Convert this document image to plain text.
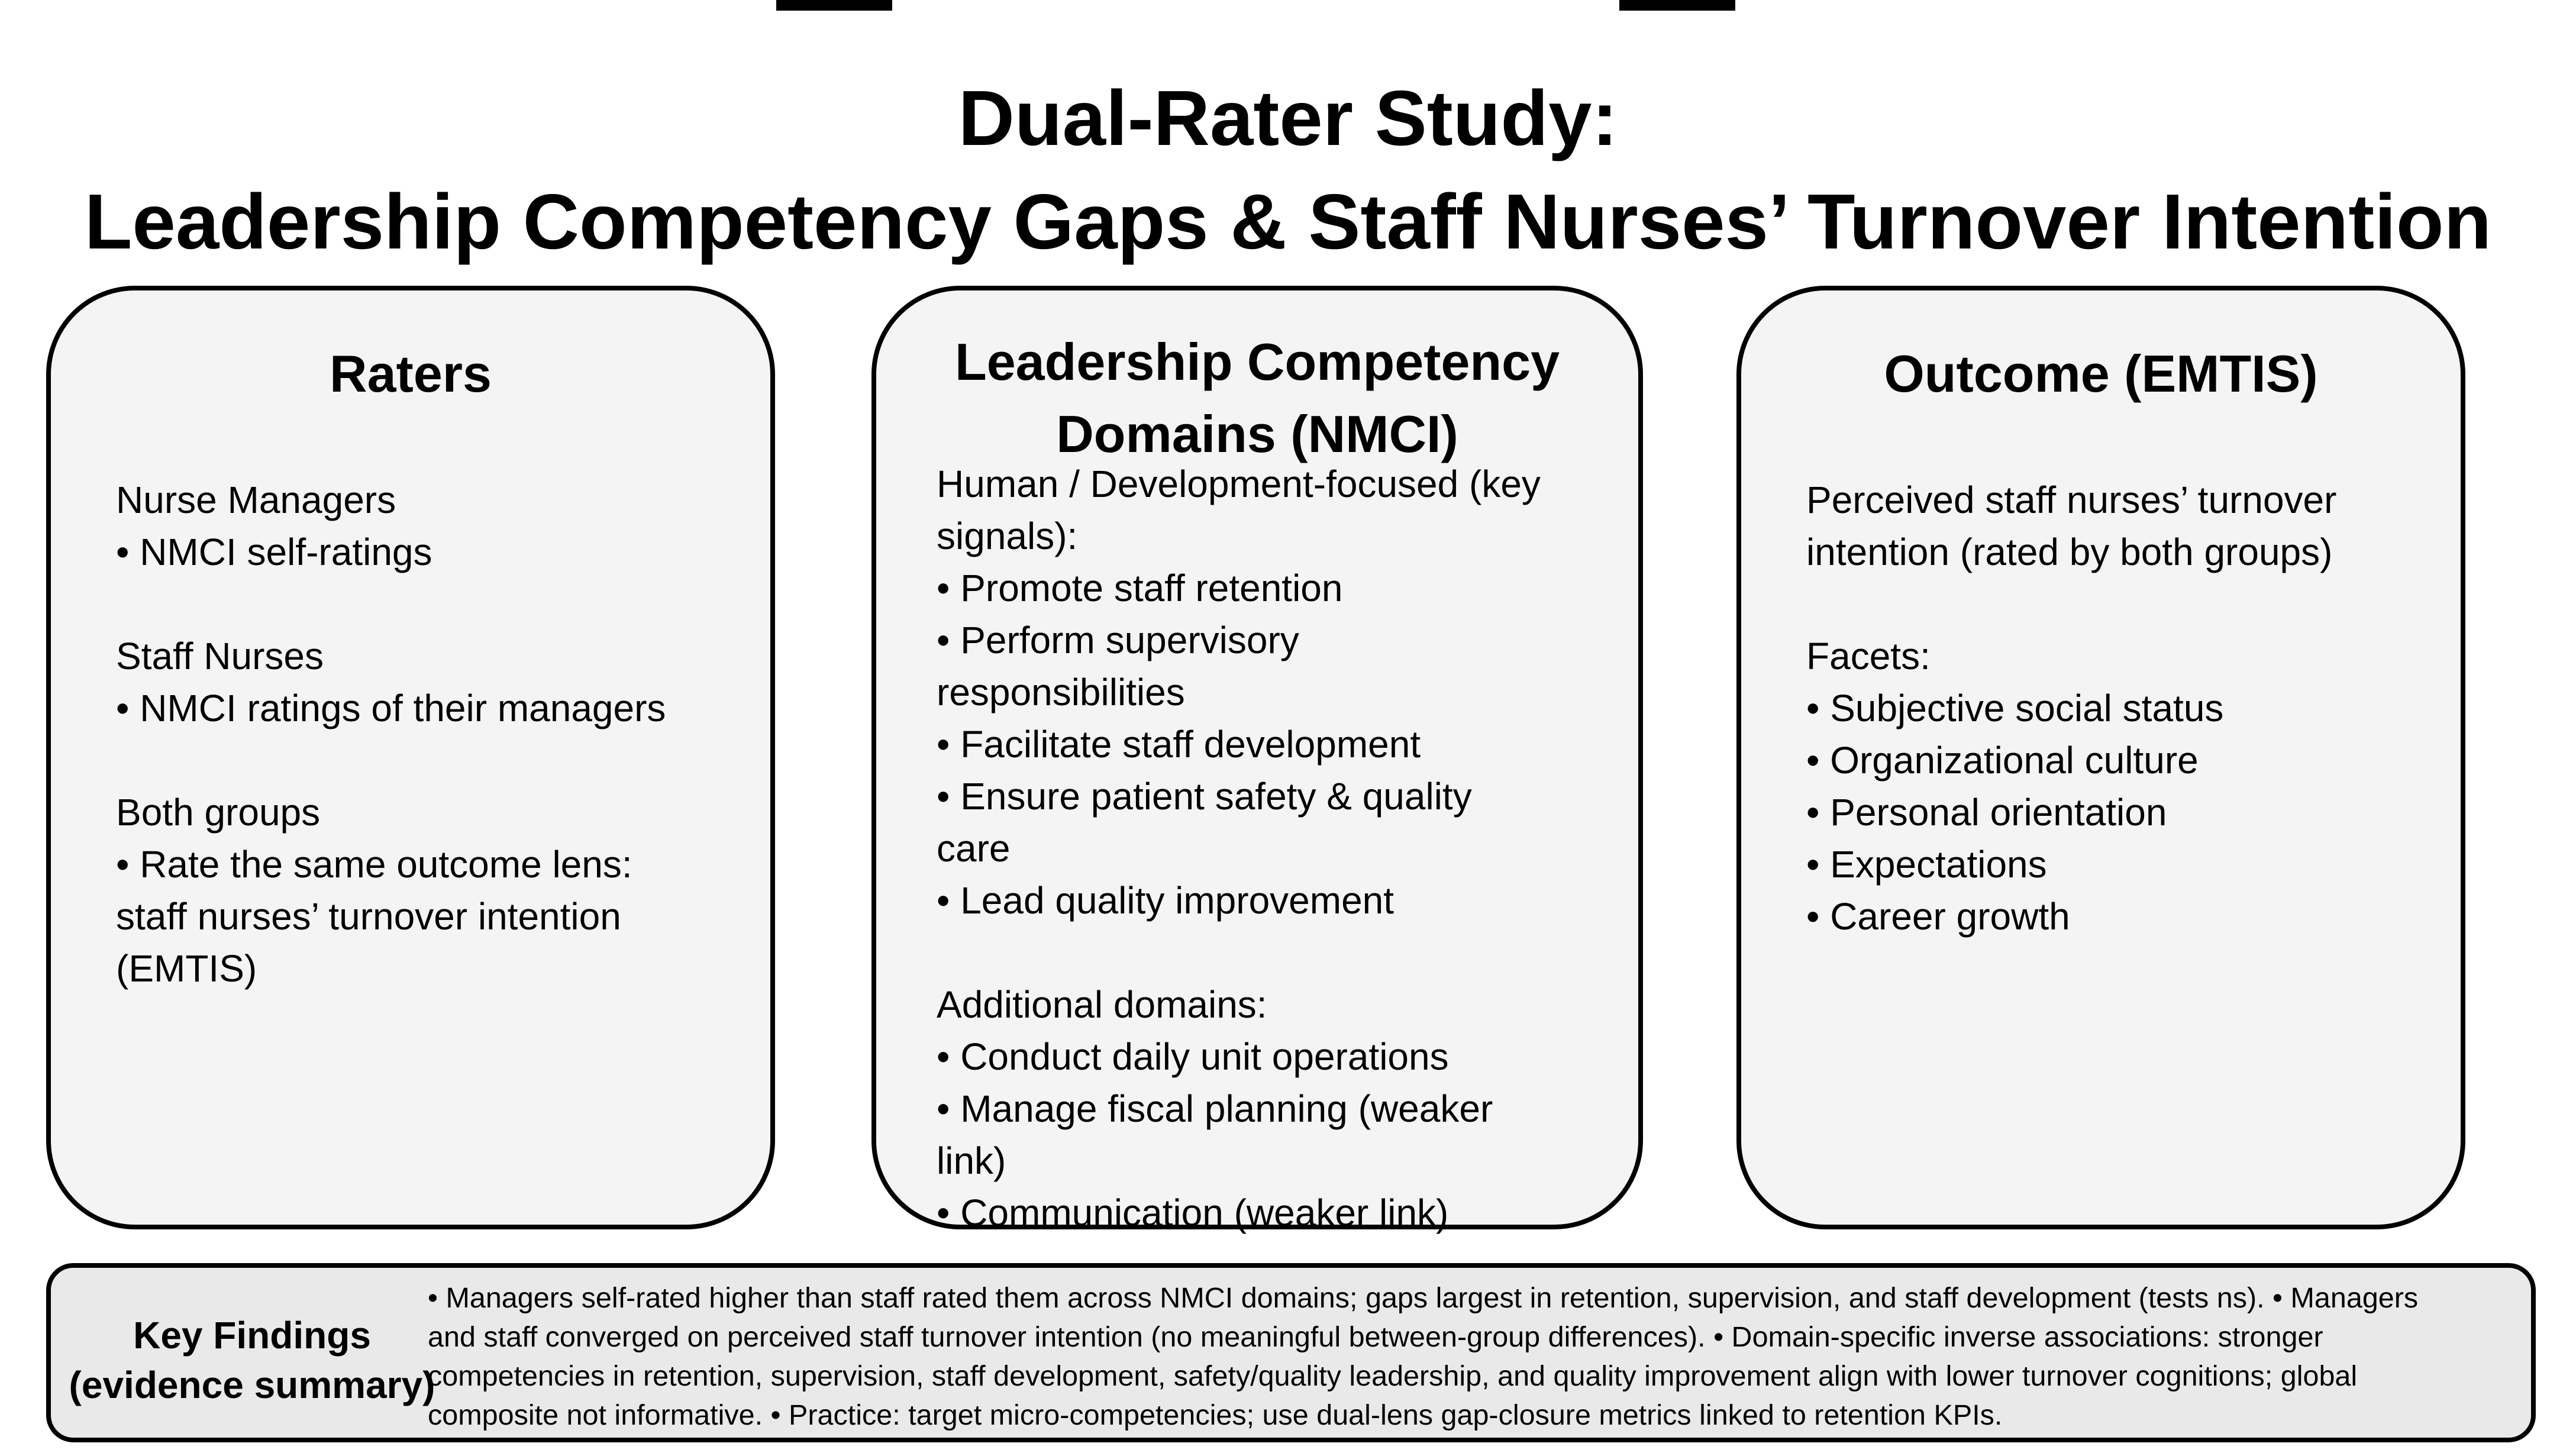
Dual-Rater Study:
Leadership Competency Gaps & Staff Nurses’ Turnover Intention
Raters
Nurse Managers
• NMCI self-ratings
Staff Nurses
• NMCI ratings of their managers
Both groups
• Rate the same outcome lens:
staff nurses’ turnover intention
(EMTIS)
Leadership Competency
Domains (NMCI)
Human / Development-focused (key
signals):
• Promote staff retention
• Perform supervisory
responsibilities
• Facilitate staff development
• Ensure patient safety & quality
care
• Lead quality improvement
Additional domains:
• Conduct daily unit operations
• Manage fiscal planning (weaker
link)
• Communication (weaker link)
Outcome (EMTIS)
Perceived staff nurses’ turnover
intention (rated by both groups)
Facets:
• Subjective social status
• Organizational culture
• Personal orientation
• Expectations
• Career growth
Key Findings
(evidence summary)
• Managers self-rated higher than staff rated them across NMCI domains; gaps largest in retention, supervision, and staff development (tests ns). • Managers
and staff converged on perceived staff turnover intention (no meaningful between-group differences). • Domain-specific inverse associations: stronger
competencies in retention, supervision, staff development, safety/quality leadership, and quality improvement align with lower turnover cognitions; global
composite not informative. • Practice: target micro-competencies; use dual-lens gap-closure metrics linked to retention KPIs.
